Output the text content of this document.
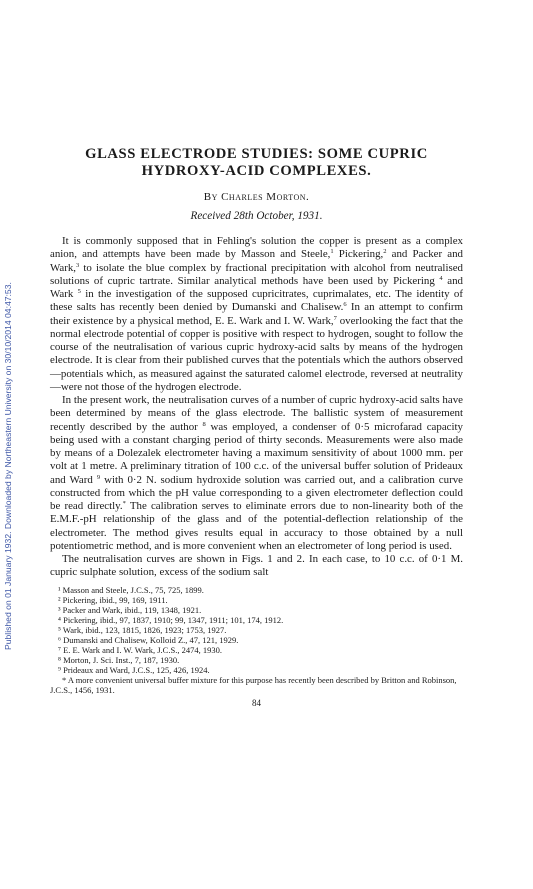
Published on 01 January 1932. Downloaded by Northeastern University on 30/10/2014 04:47:53.
GLASS ELECTRODE STUDIES: SOME CUPRIC
HYDROXY-ACID COMPLEXES.
By Charles Morton.
Received 28th October, 1931.

It is commonly supposed that in Fehling's solution the copper is present as a complex anion, and attempts have been made by Masson and Steele,$^1$ Pickering,$^2$ and Packer and Wark,$^3$ to isolate the blue complex by fractional precipitation with alcohol from neutralised solutions of cupric tartrate. Similar analytical methods have been used by Pickering $^4$ and Wark $^5$ in the investigation of the supposed cupricitrates, cuprimalates, etc. The identity of these salts has recently been denied by Dumanski and Chalisew.$^6$ In an attempt to confirm their existence by a physical method, E. E. Wark and I. W. Wark,$^7$ overlooking the fact that the normal electrode potential of copper is positive with respect to hydrogen, sought to follow the course of the neutralisation of various cupric hydroxy-acid salts by means of the hydrogen electrode. It is clear from their published curves that the potentials which the authors observed—potentials which, as measured against the saturated calomel electrode, reversed at neutrality—were not those of the hydrogen electrode.

In the present work, the neutralisation curves of a number of cupric hydroxy-acid salts have been determined by means of the glass electrode. The ballistic system of measurement recently described by the author $^8$ was employed, a condenser of 0·5 microfarad capacity being used with a constant charging period of thirty seconds. Measurements were also made by means of a Dolezalek electrometer having a maximum sensitivity of about 1000 mm. per volt at 1 metre. A preliminary titration of 100 c.c. of the universal buffer solution of Prideaux and Ward $^9$ with 0·2 N. sodium hydroxide solution was carried out, and a calibration curve constructed from which the pH value corresponding to a given electrometer deflection could be read directly.* The calibration serves to eliminate errors due to non-linearity both of the E.M.F.-pH relationship of the glass and of the potential-deflection relationship of the electrometer. The method gives results equal in accuracy to those obtained by a null potentiometric method, and is more convenient when an electrometer of long period is used.

The neutralisation curves are shown in Figs. 1 and 2. In each case, to 10 c.c. of 0·1 M. cupric sulphate solution, excess of the sodium salt

¹ Masson and Steele, J.C.S., 75, 725, 1899.
² Pickering, ibid., 99, 169, 1911.
³ Packer and Wark, ibid., 119, 1348, 1921.
⁴ Pickering, ibid., 97, 1837, 1910; 99, 1347, 1911; 101, 174, 1912.
⁵ Wark, ibid., 123, 1815, 1826, 1923; 1753, 1927.
⁶ Dumanski and Chalisew, Kolloid Z., 47, 121, 1929.
⁷ E. E. Wark and I. W. Wark, J.C.S., 2474, 1930.
⁸ Morton, J. Sci. Inst., 7, 187, 1930.
⁹ Prideaux and Ward, J.C.S., 125, 426, 1924.
* A more convenient universal buffer mixture for this purpose has recently been described by Britton and Robinson, J.C.S., 1456, 1931.
84
